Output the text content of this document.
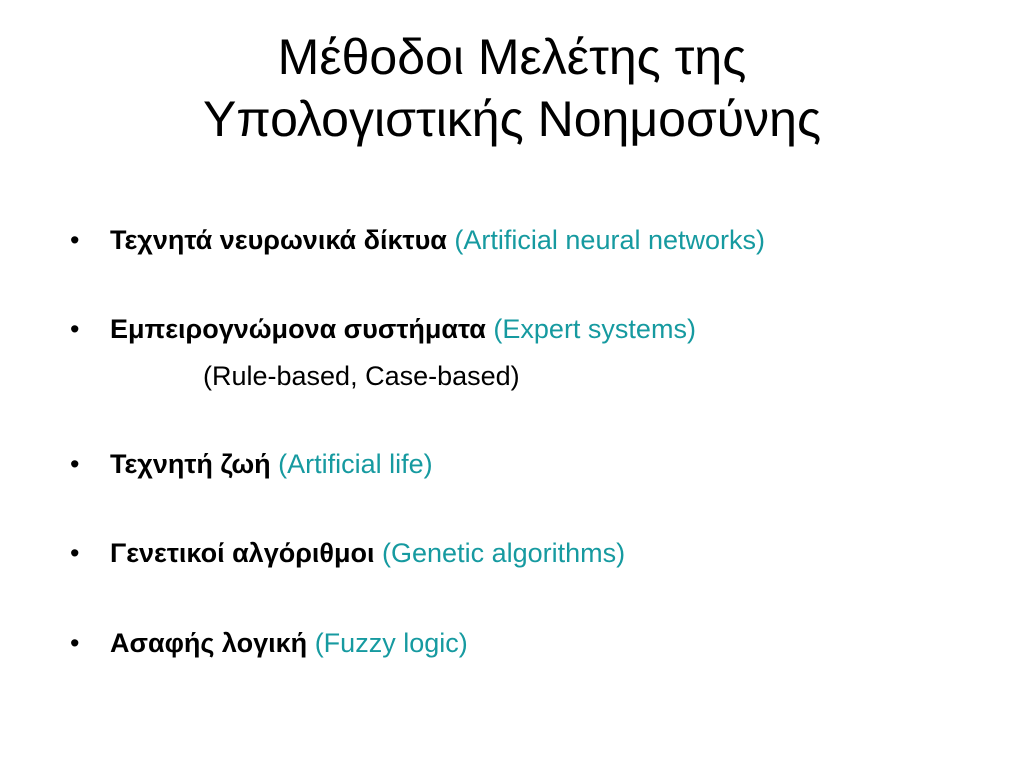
Μέθοδοι Μελέτης της
Υπολογιστικής Νοημοσύνης
• Τεχνητά νευρωνικά δίκτυα (Artificial neural networks)
• Εμπειρογνώμονα συστήματα (Expert systems)
(Rule-based, Case-based)
• Τεχνητή ζωή (Artificial life)
• Γενετικοί αλγόριθμοι (Genetic algorithms)
• Ασαφής λογική (Fuzzy logic)
